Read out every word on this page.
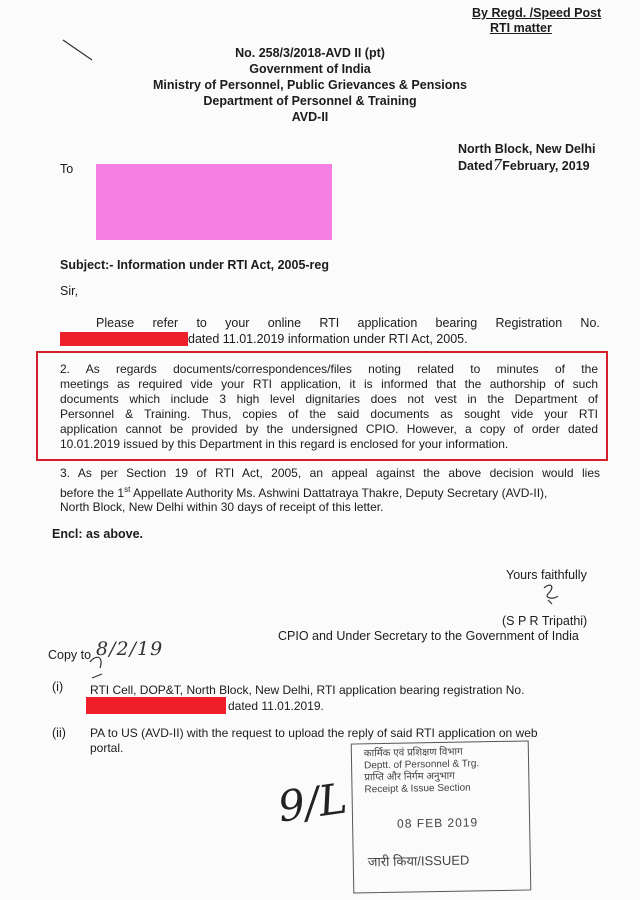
By Regd. /Speed Post
RTI matter
No. 258/3/2018-AVD II (pt)
Government of India
Ministry of Personnel, Public Grievances & Pensions
Department of Personnel & Training
AVD-II
North Block, New Delhi
Dated7February, 2019
To
Subject:- Information under RTI Act, 2005-reg
Sir,
Please refer to your online RTI application bearing Registration No.
dated 11.01.2019 information under RTI Act, 2005.
2. As regards documents/correspondences/files noting related to minutes of the
meetings as required vide your RTI application, it is informed that the authorship of such
documents which include 3 high level dignitaries does not vest in the Department of
Personnel & Training. Thus, copies of the said documents as sought vide your RTI
application cannot be provided by the undersigned CPIO. However, a copy of order dated
10.01.2019 issued by this Department in this regard is enclosed for your information.
3. As per Section 19 of RTI Act, 2005, an appeal against the above decision would lies
before the 1st Appellate Authority Ms. Ashwini Dattatraya Thakre, Deputy Secretary (AVD-II),
North Block, New Delhi within 30 days of receipt of this letter.
Encl: as above.
Yours faithfully
(S P R Tripathi)
CPIO and Under Secretary to the Government of India
Copy to 8/2/19
(i) RTI Cell, DOP&T, North Block, New Delhi, RTI application bearing registration No.
dated 11.01.2019.
(ii) PA to US (AVD-II) with the request to upload the reply of said RTI application on web
portal.	कार्मिक एवं प्रशिक्षण विभाग
Deptt. of Personnel & Trg.
प्राप्ति और निर्गम अनुभाग
Receipt & Issue Section
08 FEB 2019
जारी किया/ISSUED
9/L
